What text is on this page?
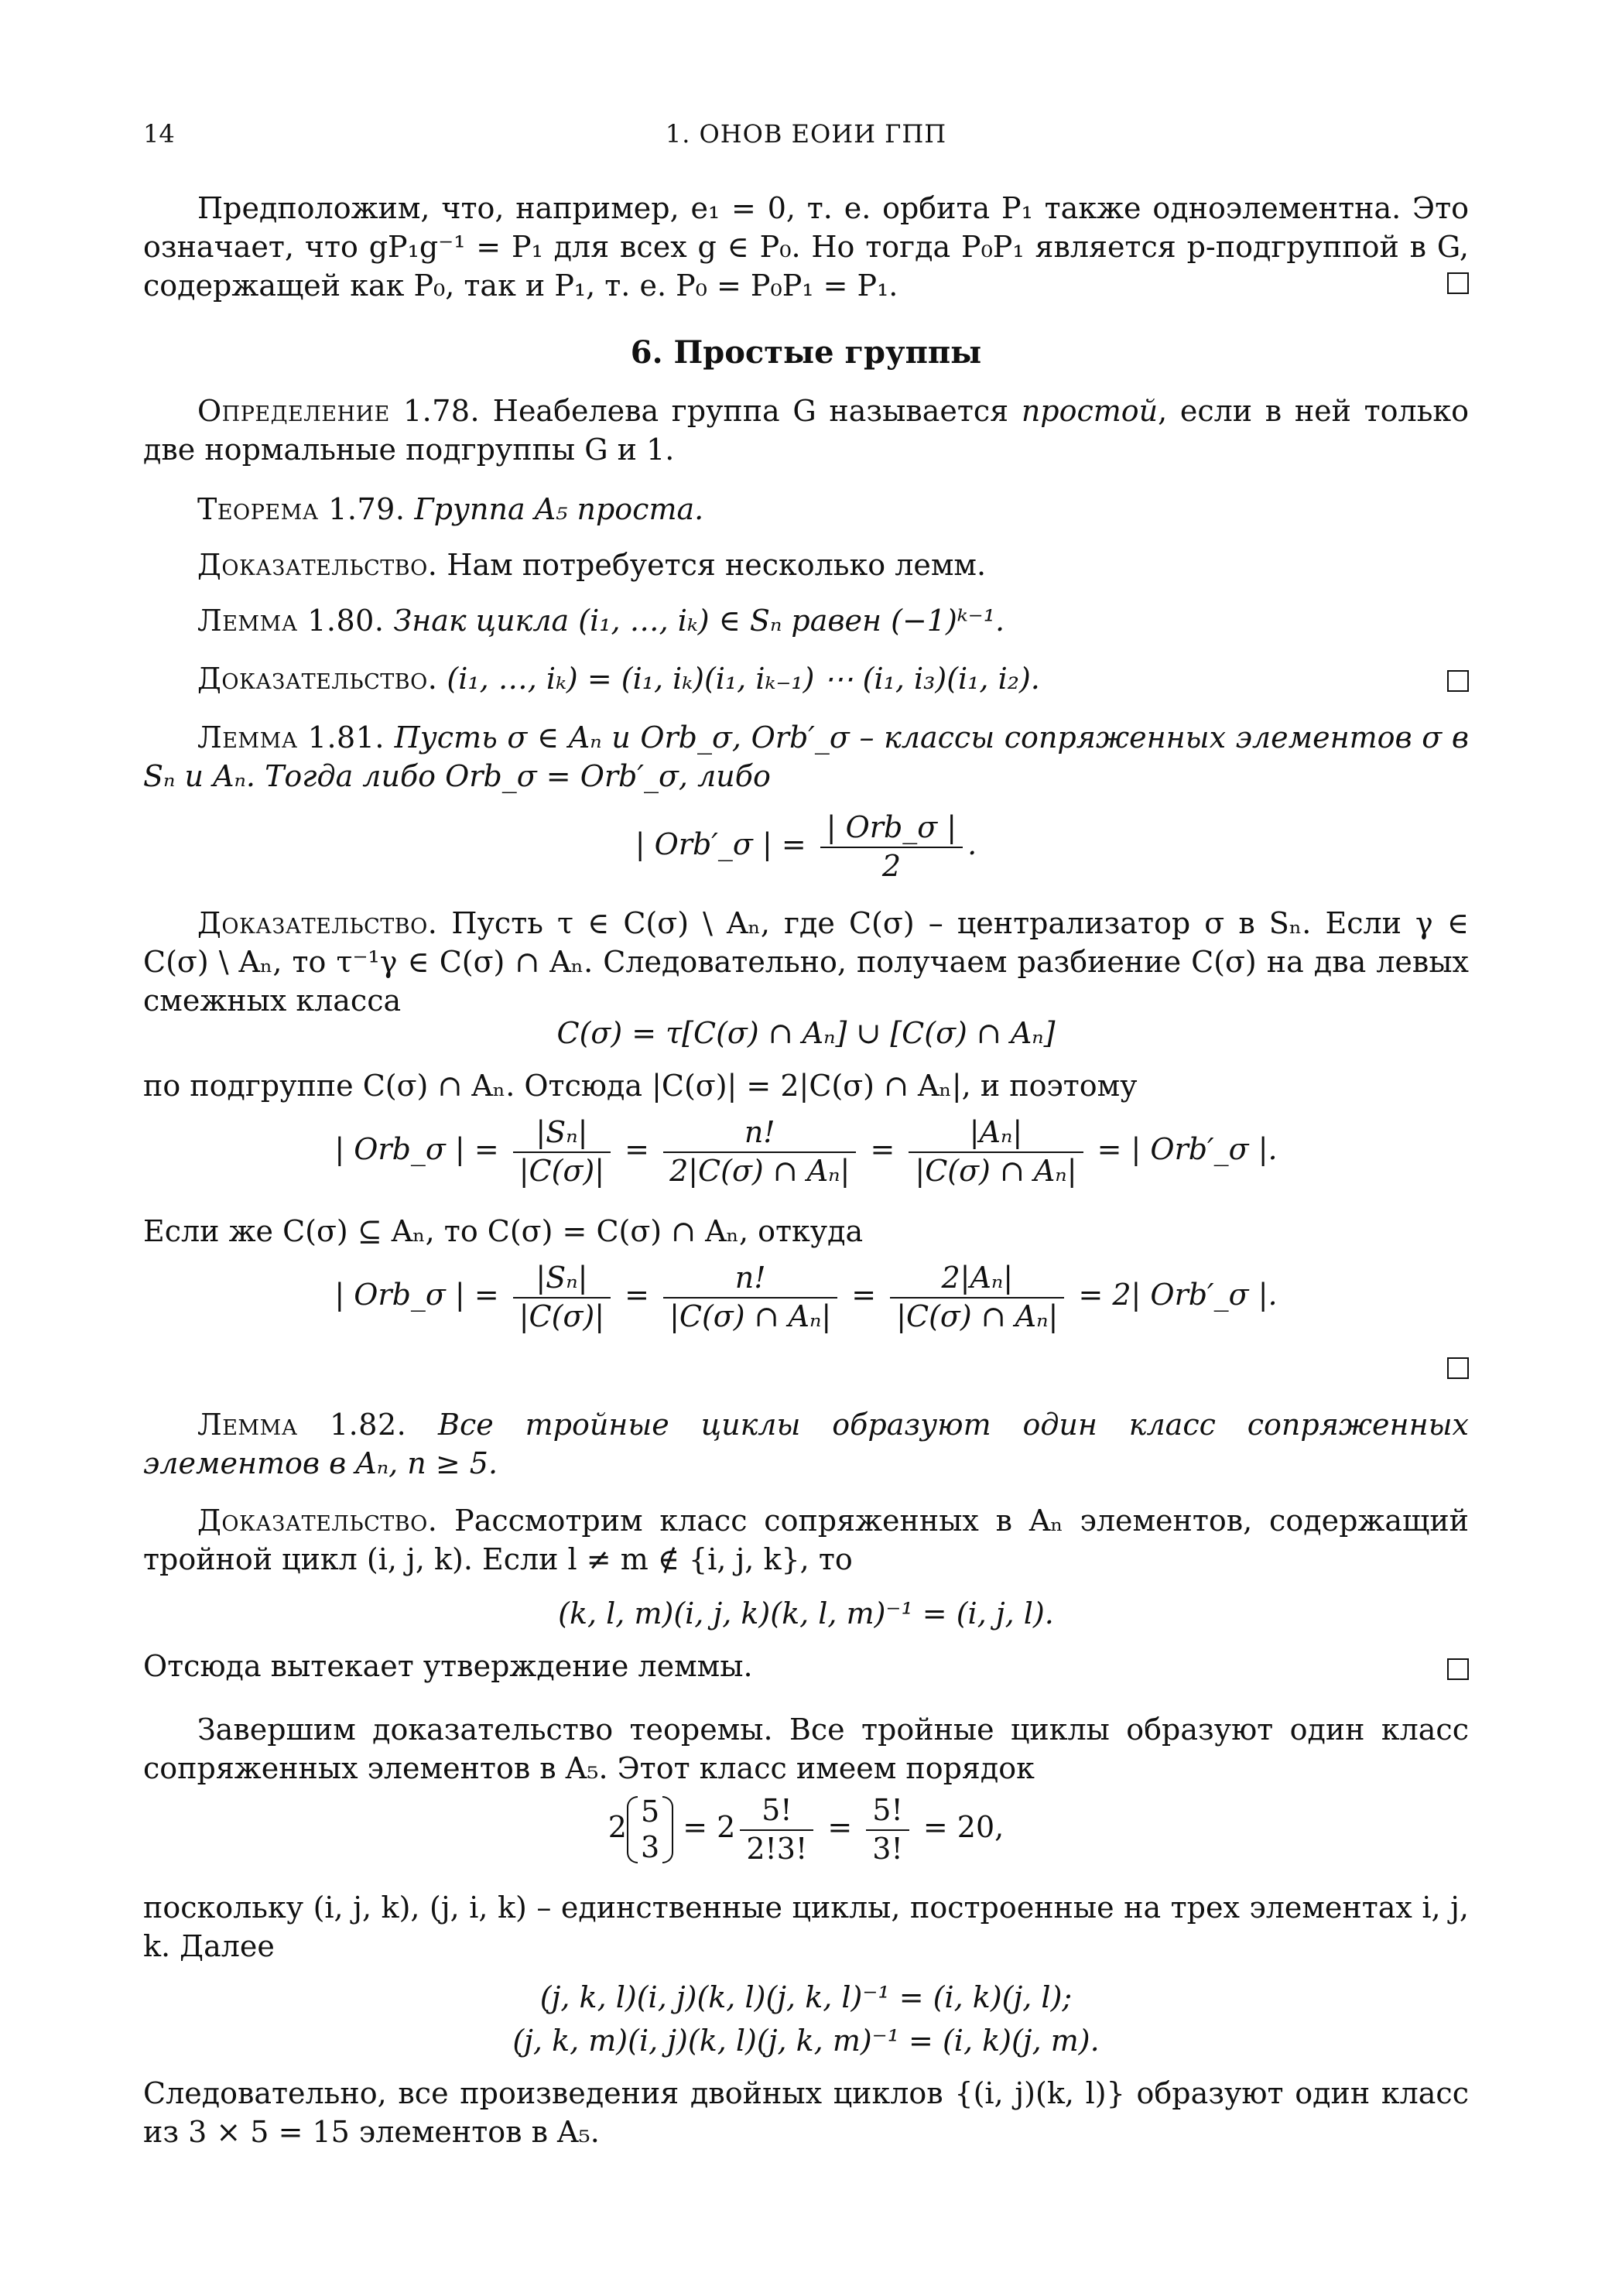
14	1. ОНОВ ЕОИИ ГПП
Предположим, что, например, e₁ = 0, т. е. орбита P₁ также одноэлементна. Это означает, что gP₁g⁻¹ = P₁ для всех g ∈ P₀. Но тогда P₀P₁ является p-подгруппой в G, содержащей как P₀, так и P₁, т. е. P₀ = P₀P₁ = P₁.
6. Простые группы
Определение 1.78. Неабелева группа G называется простой, если в ней только две нормальные подгруппы G и 1.
Теорема 1.79. Группа A₅ проста.
Доказательство. Нам потребуется несколько лемм.
Лемма 1.80. Знак цикла (i₁, …, iₖ) ∈ Sₙ равен (−1)ᵏ⁻¹.
Доказательство. (i₁, …, iₖ) = (i₁, iₖ)(i₁, iₖ₋₁) ⋯ (i₁, i₃)(i₁, i₂).
Лемма 1.81. Пусть σ ∈ Aₙ и Orb_σ, Orb′_σ – классы сопряженных элементов σ в Sₙ и Aₙ. Тогда либо Orb_σ = Orb′_σ, либо
| Orb′_σ | = $\frac{\text{| Orb\_σ |}}{2}$ .
Доказательство. Пусть τ ∈ C(σ) \ Aₙ, где C(σ) – централизатор σ в Sₙ. Если γ ∈ C(σ) \ Aₙ, то τ⁻¹γ ∈ C(σ) ∩ Aₙ. Следовательно, получаем разбиение C(σ) на два левых смежных класса
C(σ) = τ[C(σ) ∩ Aₙ] ∪ [C(σ) ∩ Aₙ]
по подгруппе C(σ) ∩ Aₙ. Отсюда |C(σ)| = 2|C(σ) ∩ Aₙ|, и поэтому
| Orb_σ | = $\frac{\text{|Sₙ|}}{|C(\sigma)|} = \frac{n!}{\text{2|C(σ) ∩ Aₙ|}} = \frac{\text{|Aₙ|}}{\text{|C(σ) ∩ Aₙ|}}$ = | Orb′_σ |.
Если же C(σ) ⊆ Aₙ, то C(σ) = C(σ) ∩ Aₙ, откуда
| Orb_σ | = $\frac{\text{|Sₙ|}}{|C(\sigma)|} = \frac{n!}{\text{|C(σ) ∩ Aₙ|}} = \frac{\text{2|Aₙ|}}{\text{|C(σ) ∩ Aₙ|}} = 2|$ Orb′_σ |.
Лемма 1.82. Все тройные циклы образуют один класс сопряженных элементов в Aₙ, n ≥ 5.
Доказательство. Рассмотрим класс сопряженных в Aₙ элементов, содержащий тройной цикл (i, j, k). Если l ≠ m ∉ {i, j, k}, то
(k, l, m)(i, j, k)(k, l, m)⁻¹ = (i, j, l).
Отсюда вытекает утверждение леммы.
Завершим доказательство теоремы. Все тройные циклы образуют один класс сопряженных элементов в A₅. Этот класс имеем порядок
2 5
3
= $2 \frac{5!}{2!3!} = \frac{5!}{3!} = 20$,
поскольку (i, j, k), (j, i, k) – единственные циклы, построенные на трех элементах i, j, k. Далее
(j, k, l)(i, j)(k, l)(j, k, l)⁻¹ = (i, k)(j, l);
(j, k, m)(i, j)(k, l)(j, k, m)⁻¹ = (i, k)(j, m).
Следовательно, все произведения двойных циклов {(i, j)(k, l)} образуют один класс из 3 × 5 = 15 элементов в A₅.
